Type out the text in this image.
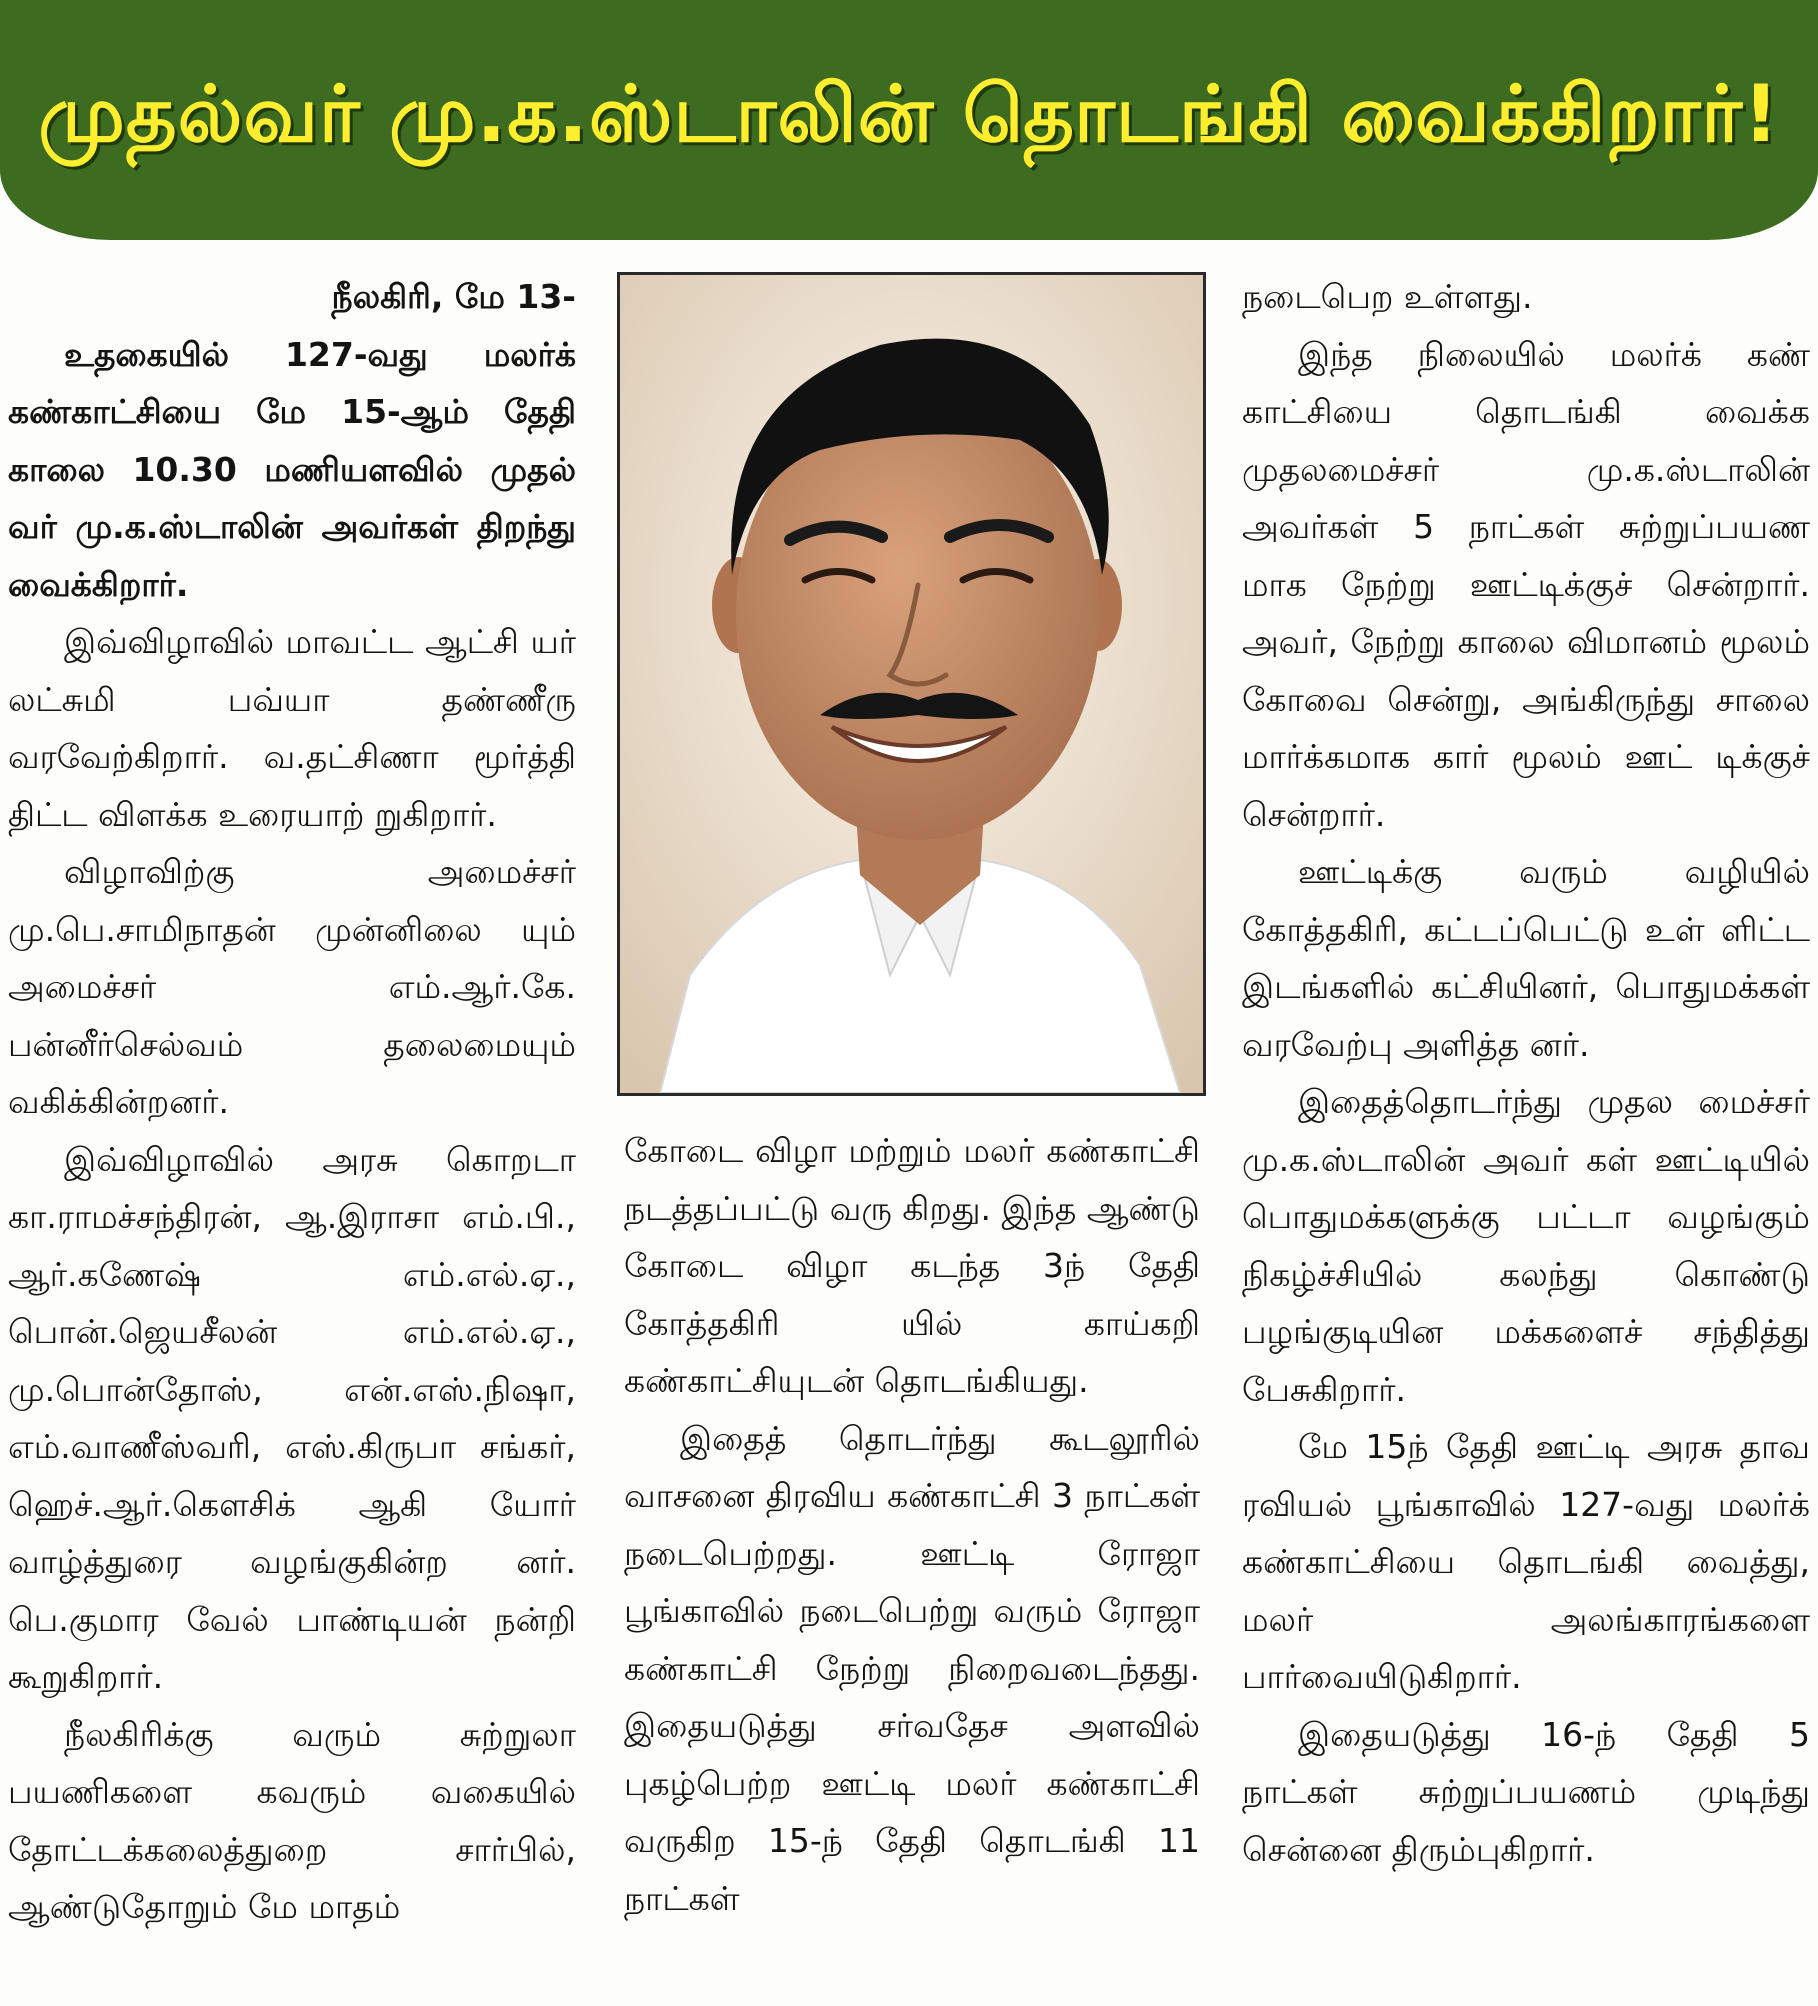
முதல்வர் மு.க.ஸ்டாலின் தொடங்கி வைக்கிறார்!

நீலகிரி, மே 13-

உதகையில் 127-வது மலர்க் கண்காட்சியை மே 15-ஆம் தேதி காலை 10.30 மணியளவில் முதல் வர் மு.க.ஸ்டாலின் அவர்கள் திறந்து வைக்கிறார்.

இவ்விழாவில் மாவட்ட ஆட்சி யர் லட்சுமி பவ்யா தண்ணீரு வரவேற்கிறார். வ.தட்சிணா மூர்த்தி திட்ட விளக்க உரையாற் றுகிறார்.

விழாவிற்கு அமைச்சர் மு.பெ.சாமிநாதன் முன்னிலை யும் அமைச்சர் எம்.ஆர்.கே. பன்னீர்செல்வம் தலைமையும் வகிக்கின்றனர்.

இவ்விழாவில் அரசு கொறடா கா.ராமச்சந்திரன், ஆ.இராசா எம்.பி., ஆர்.கணேஷ் எம்.எல்.ஏ., பொன்.ஜெயசீலன் எம்.எல்.ஏ., மு.பொன்தோஸ், என்.எஸ்.நிஷா, எம்.வாணீஸ்வரி, எஸ்.கிருபா சங்கர், ஹெச்.ஆர்.கௌசிக் ஆகி யோர் வாழ்த்துரை வழங்குகின்ற னர். பெ.குமார வேல் பாண்டியன் நன்றி கூறுகிறார்.

நீலகிரிக்கு வரும் சுற்றுலா பயணிகளை கவரும் வகையில் தோட்டக்கலைத்துறை சார்பில், ஆண்டுதோறும் மே மாதம்

கோடை விழா மற்றும் மலர் கண்காட்சி நடத்தப்பட்டு வரு கிறது. இந்த ஆண்டு கோடை விழா கடந்த 3ந் தேதி கோத்தகிரி யில் காய்கறி கண்காட்சியுடன் தொடங்கியது.

இதைத் தொடர்ந்து கூடலூரில் வாசனை திரவிய கண்காட்சி 3 நாட்கள் நடைபெற்றது. ஊட்டி ரோஜா பூங்காவில் நடைபெற்று வரும் ரோஜா கண்காட்சி நேற்று நிறைவடைந்தது. இதையடுத்து சர்வதேச அளவில் புகழ்பெற்ற ஊட்டி மலர் கண்காட்சி வருகிற 15-ந் தேதி தொடங்கி 11 நாட்கள்

நடைபெற உள்ளது.

இந்த நிலையில் மலர்க் கண் காட்சியை தொடங்கி வைக்க முதலமைச்சர் மு.க.ஸ்டாலின் அவர்கள் 5 நாட்கள் சுற்றுப்பயண மாக நேற்று ஊட்டிக்குச் சென்றார். அவர், நேற்று காலை விமானம் மூலம் கோவை சென்று, அங்கிருந்து சாலை மார்க்கமாக கார் மூலம் ஊட் டிக்குச் சென்றார்.

ஊட்டிக்கு வரும் வழியில் கோத்தகிரி, கட்டப்பெட்டு உள் ளிட்ட இடங்களில் கட்சியினர், பொதுமக்கள் வரவேற்பு அளித்த னர்.

இதைத்தொடர்ந்து முதல மைச்சர் மு.க.ஸ்டாலின் அவர் கள் ஊட்டியில் பொதுமக்களுக்கு பட்டா வழங்கும் நிகழ்ச்சியில் கலந்து கொண்டு பழங்குடியின மக்களைச் சந்தித்து பேசுகிறார்.

மே 15ந் தேதி ஊட்டி அரசு தாவ ரவியல் பூங்காவில் 127-வது மலர்க் கண்காட்சியை தொடங்கி வைத்து, மலர் அலங்காரங்களை பார்வையிடுகிறார்.

இதையடுத்து 16-ந் தேதி 5 நாட்கள் சுற்றுப்பயணம் முடிந்து சென்னை திரும்புகிறார்.
